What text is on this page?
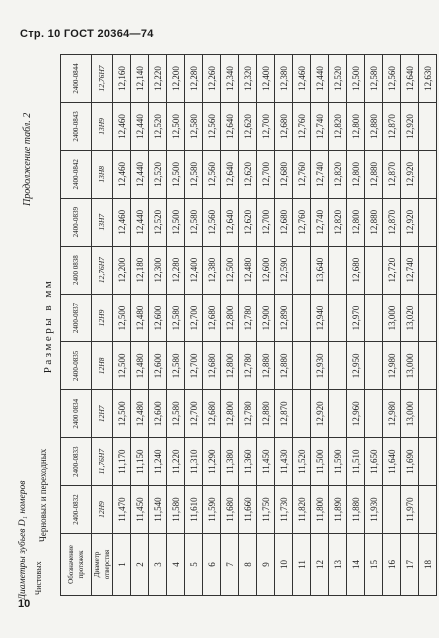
Стр. 10 ГОСТ 20364—74
Продолжение табл. 2
Размеры в мм
Обозначение протяжек	2400-0832	2400-0833	2400 0834	2400-0835	2400-0837	2400 0838	2400-0839	2400-0842	2400-0843	2400-0844
Диаметр отверстия	12H9	11,76H7	12H7	12H8	12H9	12,76H7	13H7	13H8	13H9	12,76H7
1	11,470	11,170	12,500	12,500	12,500	12,200	12,460	12,460	12,460	12,160
2	11,450	11,150	12,480	12,480	12,480	12,180	12,440	12,440	12,440	12,140
3	11,540	11,240	12,600	12,600	12,600	12,300	12,520	12,520	12,520	12,220
4	11,580	11,220	12,580	12,580	12,580	12,280	12,500	12,500	12,500	12,200
5	11,610	11,310	12,700	12,700	12,700	12,400	12,580	12,580	12,580	12,280
6	11,590	11,290	12,680	12,680	12,680	12,380	12,560	12,560	12,560	12,260
7	11,680	11,380	12,800	12,800	12,800	12,500	12,640	12,640	12,640	12,340
8	11,660	11,360	12,780	12,780	12,780	12,480	12,620	12,620	12,620	12,320
9	11,750	11,450	12,880	12,880	12,900	12,600	12,700	12,700	12,700	12,400
10	11,730	11,430	12,870	12,880	12,890	12,590	12,680	12,680	12,680	12,380
11	11,820	11,520					12,760	12,760	12,760	12,460
12	11,800	11,500	12,920	12,930	12,940	13,640	12,740	12,740	12,740	12,440
13	11,890	11,590					12,820	12,820	12,820	12,520
14	11,880	11,510	12,960	12,950	12,970	12,680	12,800	12,800	12,800	12,500
15	11,930	11,650					12,880	12,880	12,880	12,580
16		11,640	12,980	12,980	13,000	12,720	12,870	12,870	12,870	12,560
17	11,970	11,690	13,000	13,000	13,020	12,740	12,920	12,920	12,920	12,640
18										12,630
Диаметры зубьев D₁ номеров Черновых и переходных
Чистовых
10
